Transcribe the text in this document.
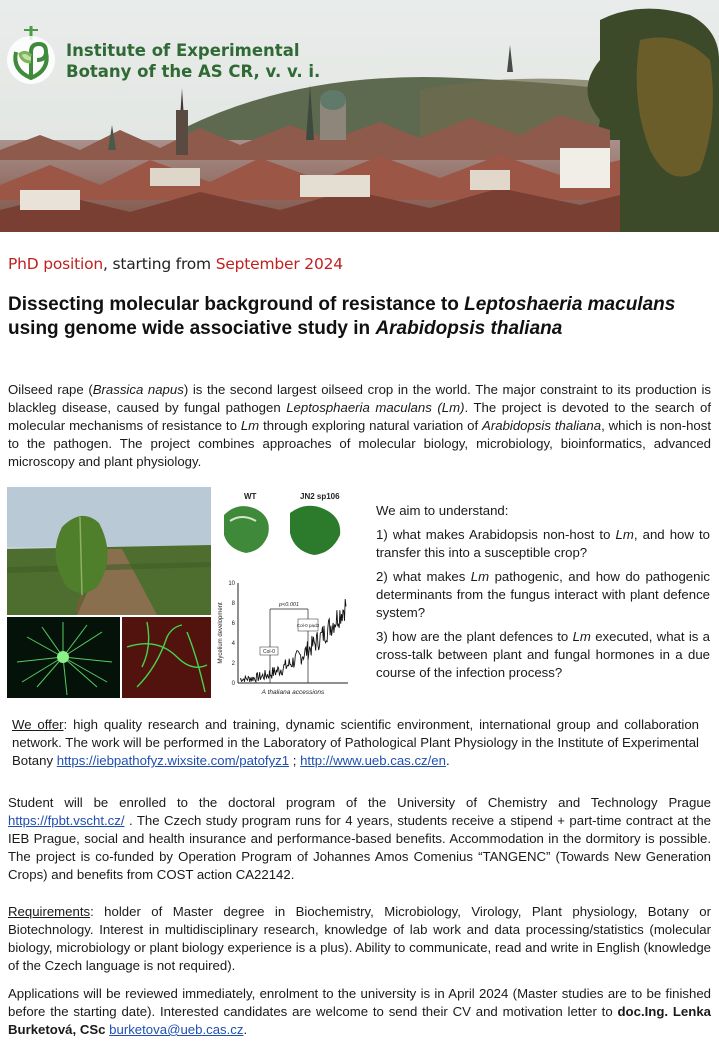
Institute of Experimental
Botany of the AS CR, v. v. i.
PhD position, starting from September 2024
Dissecting molecular background of resistance to Leptoshaeria maculans using genome wide associative study in Arabidopsis thaliana
Oilseed rape (Brassica napus) is the second largest oilseed crop in the world. The major constraint to its production is blackleg disease, caused by fungal pathogen Leptosphaeria maculans (Lm). The project is devoted to the search of molecular mechanisms of resistance to Lm through exploring natural variation of Arabidopsis thaliana, which is non-host to the pathogen. The project combines approaches of molecular biology, microbiology, bioinformatics, advanced microscopy and plant physiology.
WT	JN2 sp106
0
2
4
6
8
10
Mycelium development
A thaliana accessions
p<0.001
Col-0
Col-0 pad3

We aim to understand:

1) what makes Arabidopsis non-host to Lm, and how to transfer this into a susceptible crop?

2) what makes Lm pathogenic, and how do pathogenic determinants from the fungus interact with plant defence system?

3) how are the plant defences to Lm executed, what is a cross-talk between plant and fungal hormones in a due course of the infection process?

We offer: high quality research and training, dynamic scientific environment, international group and collaboration network. The work will be performed in the Laboratory of Pathological Plant Physiology in the Institute of Experimental Botany https://iebpathofyz.wixsite.com/patofyz1 ; http://www.ueb.cas.cz/en.
Student will be enrolled to the doctoral program of the University of Chemistry and Technology Prague https://fpbt.vscht.cz/ . The Czech study program runs for 4 years, students receive a stipend + part-time contract at the IEB Prague, social and health insurance and performance-based benefits. Accommodation in the dormitory is possible. The project is co-funded by Operation Program of Johannes Amos Comenius “TANGENC” (Towards New Generation Crops) and benefits from COST action CA22142.
Requirements: holder of Master degree in Biochemistry, Microbiology, Virology, Plant physiology, Botany or Biotechnology. Interest in multidisciplinary research, knowledge of lab work and data processing/statistics (molecular biology, microbiology or plant biology experience is a plus). Ability to communicate, read and write in English (knowledge of the Czech language is not required).
Applications will be reviewed immediately, enrolment to the university is in April 2024 (Master studies are to be finished before the starting date). Interested candidates are welcome to send their CV and motivation letter to doc.Ing. Lenka Burketová, CSc burketova@ueb.cas.cz.
